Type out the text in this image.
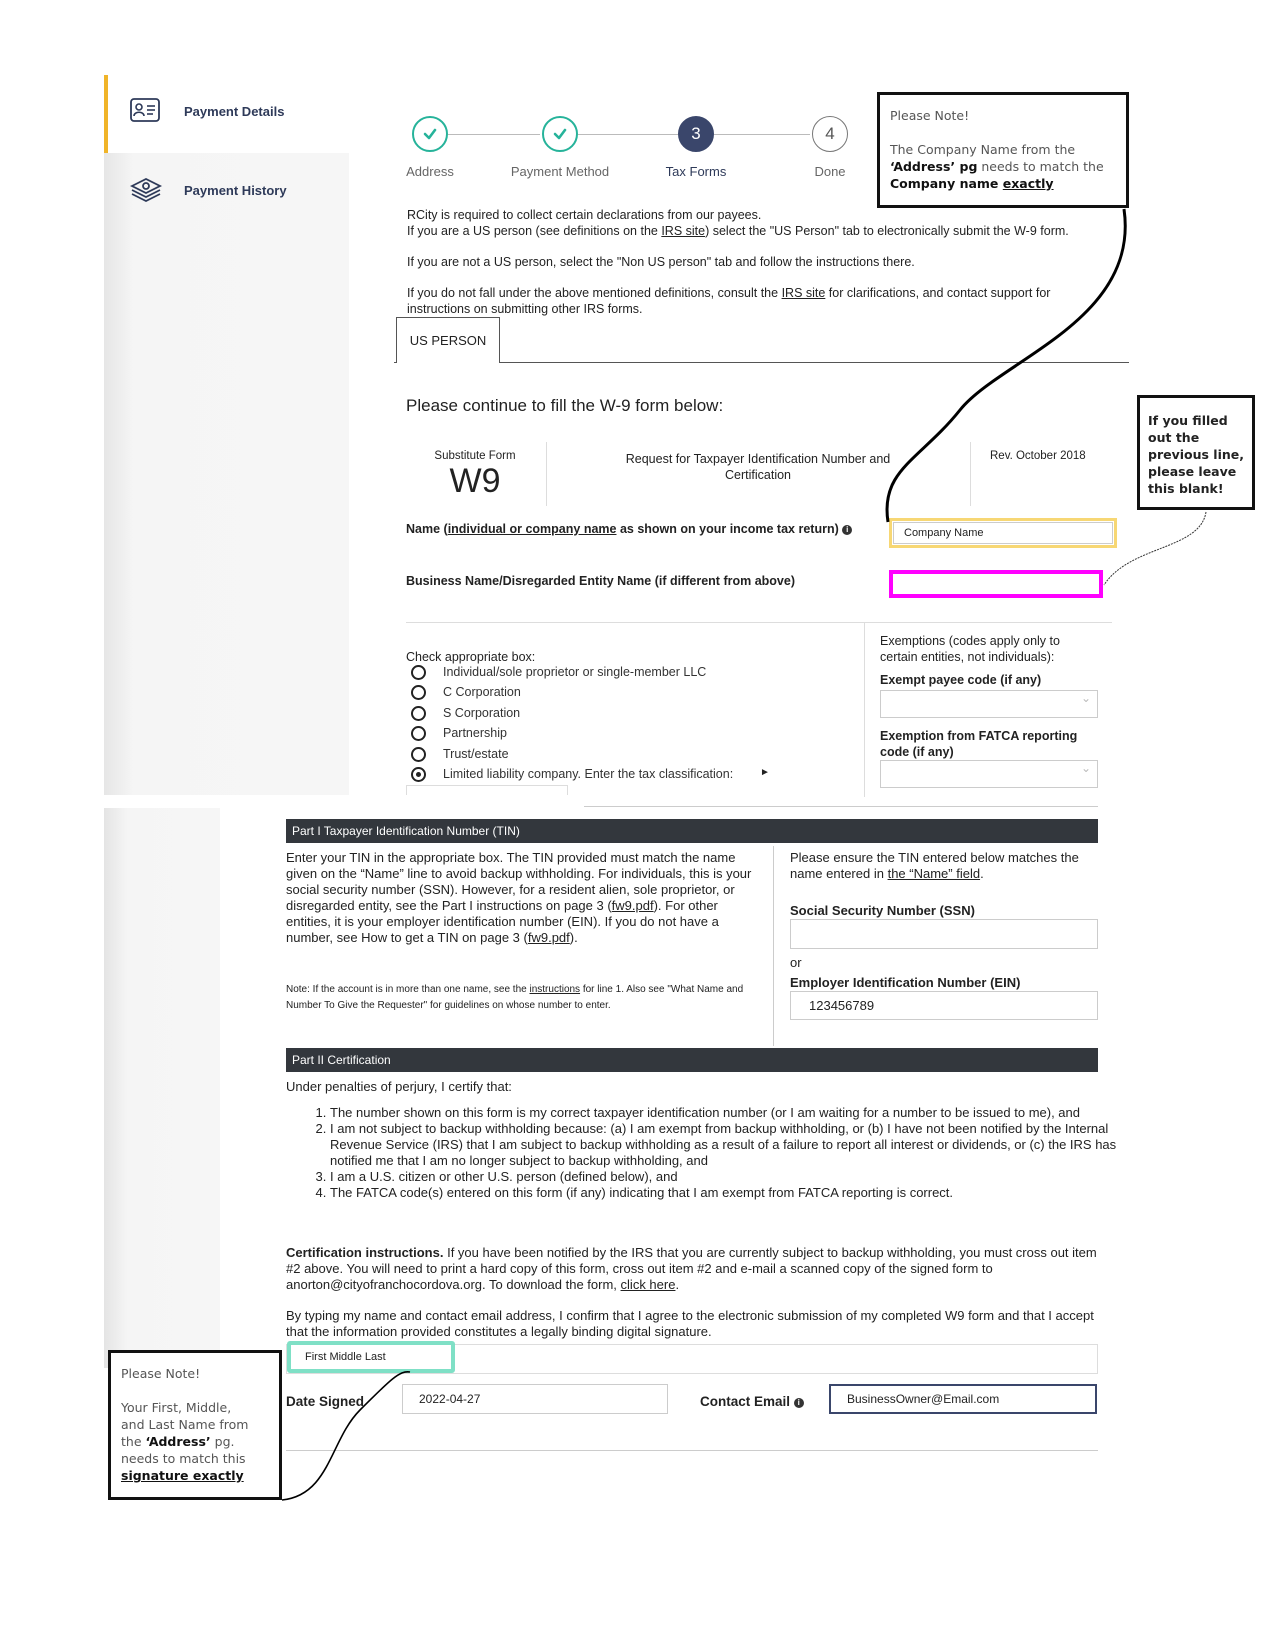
Payment Details
Payment History
3	4
Address	Payment Method	Tax Forms	Done
RCity is required to collect certain declarations from our payees.
If you are a US person (see definitions on the IRS site) select the "US Person" tab to electronically submit the W-9 form.
If you are not a US person, select the "Non US person" tab and follow the instructions there.
If you do not fall under the above mentioned definitions, consult the IRS site for clarifications, and contact support for instructions on submitting other IRS forms.
US PERSON
Please continue to fill the W-9 form below:
Substitute Form
W9
Request for Taxpayer Identification Number and Certification
Rev. October 2018
Name (individual or company name as shown on your income tax return) i	Company Name
Business Name/Disregarded Entity Name (if different from above)
Check appropriate box:
Individual/sole proprietor or single-member LLC
C Corporation
S Corporation
Partnership
Trust/estate
Limited liability company. Enter the tax classification:	►
Exemptions (codes apply only to certain entities, not individuals):
Exempt payee code (if any)
⌄
Exemption from FATCA reporting code (if any)
⌄
Part I Taxpayer Identification Number (TIN)
Enter your TIN in the appropriate box. The TIN provided must match the name given on the “Name” line to avoid backup withholding. For individuals, this is your social security number (SSN). However, for a resident alien, sole proprietor, or disregarded entity, see the Part I instructions on page 3 (fw9.pdf). For other entities, it is your employer identification number (EIN). If you do not have a number, see How to get a TIN on page 3 (fw9.pdf).
Note: If the account is in more than one name, see the instructions for line 1. Also see "What Name and Number To Give the Requester" for guidelines on whose number to enter.
Please ensure the TIN entered below matches the name entered in the “Name” field.
Social Security Number (SSN)
or
Employer Identification Number (EIN)
123456789
Part II Certification
Under penalties of perjury, I certify that:
1. The number shown on this form is my correct taxpayer identification number (or I am waiting for a number to be issued to me), and
2. I am not subject to backup withholding because: (a) I am exempt from backup withholding, or (b) I have not been notified by the Internal Revenue Service (IRS) that I am subject to backup withholding as a result of a failure to report all interest or dividends, or (c) the IRS has notified me that I am no longer subject to backup withholding, and
3. I am a U.S. citizen or other U.S. person (defined below), and
4. The FATCA code(s) entered on this form (if any) indicating that I am exempt from FATCA reporting is correct.
Certification instructions. If you have been notified by the IRS that you are currently subject to backup withholding, you must cross out item #2 above. You will need to print a hard copy of this form, cross out item #2 and e-mail a scanned copy of the signed form to anorton@cityofranchocordova.org. To download the form, click here.
By typing my name and contact email address, I confirm that I agree to the electronic submission of my completed W9 form and that I accept that the information provided constitutes a legally binding digital signature.
First Middle Last
Date Signed	2022-04-27	Contact Email i	BusinessOwner@Email.com
Please Note!
The Company Name from the
‘Address’ pg needs to match the
Company name exactly
If you filled out the previous line, please leave this blank!
Please Note!
Your First, Middle,
and Last Name from
the ‘Address’ pg.
needs to match this
signature exactly
